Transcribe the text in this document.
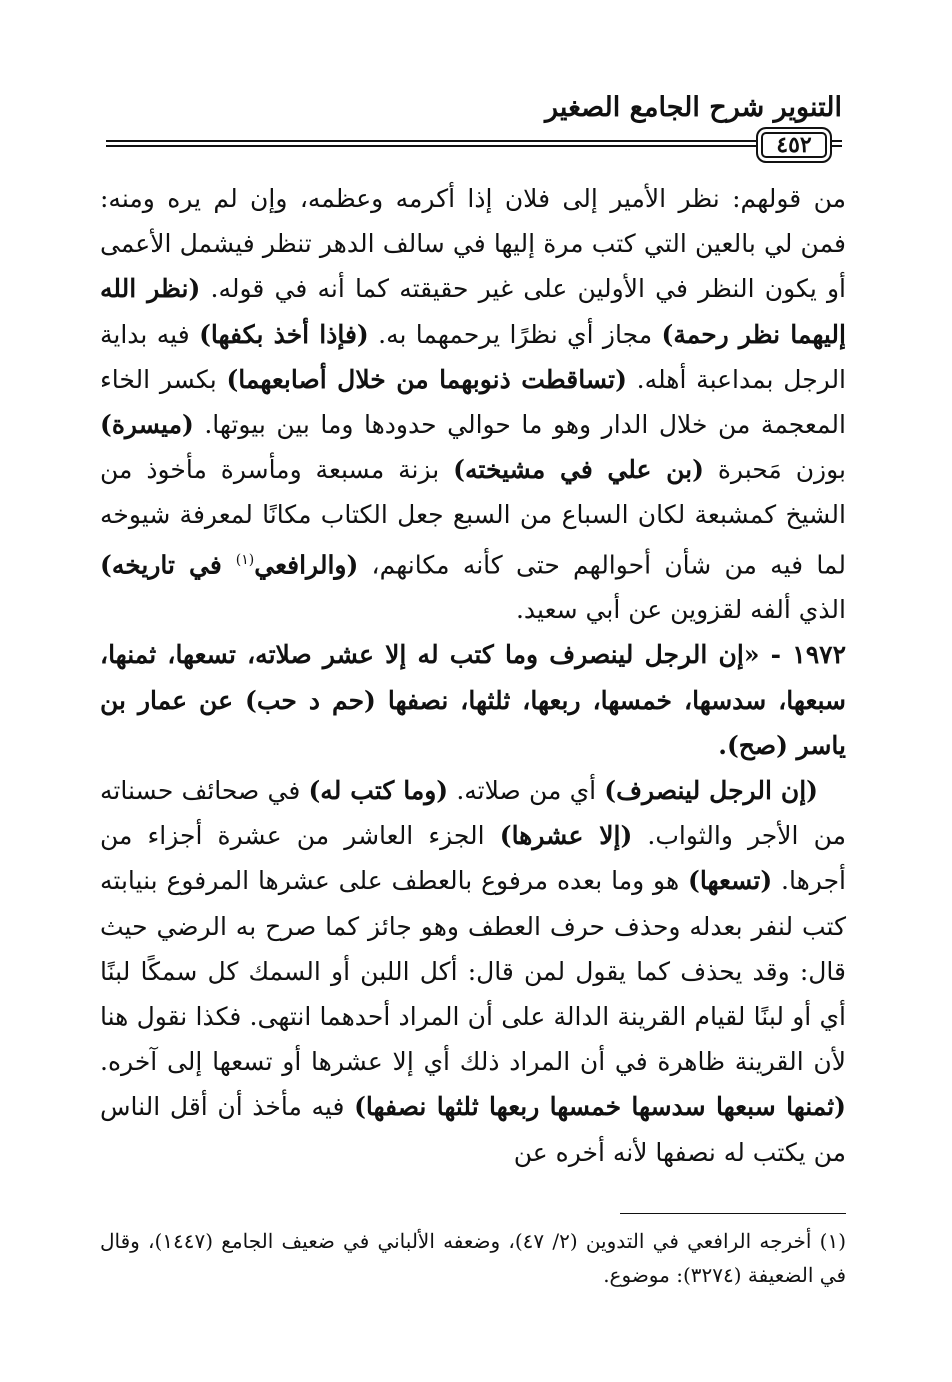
التنوير شرح الجامع الصغير
٤٥٢

من قولهم: نظر الأمير إلى فلان إذا أكرمه وعظمه، وإن لم يره ومنه: فمن لي بالعين التي كتب مرة إليها في سالف الدهر تنظر فيشمل الأعمى أو يكون النظر في الأولين على غير حقيقته كما أنه في قوله. (نظر الله إليهما نظر رحمة) مجاز أي نظرًا يرحمهما به. (فإذا أخذ بكفها) فيه بداية الرجل بمداعبة أهله. (تساقطت ذنوبهما من خلال أصابعهما) بكسر الخاء المعجمة من خلال الدار وهو ما حوالي حدودها وما بين بيوتها. (ميسرة) بوزن مَحبرة (بن علي في مشيخته) بزنة مسبعة ومأسرة مأخوذ من الشيخ كمشبعة لكان السباع من السبع جعل الكتاب مكانًا لمعرفة شيوخه لما فيه من شأن أحوالهم حتى كأنه مكانهم، (والرافعي$^{(١)}$ في تاريخه) الذي ألفه لقزوين عن أبي سعيد.

١٩٧٢ - «إن الرجل لينصرف وما كتب له إلا عشر صلاته، تسعها، ثمنها، سبعها، سدسها، خمسها، ربعها، ثلثها، نصفها (حم د حب) عن عمار بن ياسر (صح).

(إن الرجل لينصرف) أي من صلاته. (وما كتب له) في صحائف حسناته من الأجر والثواب. (إلا عشرها) الجزء العاشر من عشرة أجزاء من أجرها. (تسعها) هو وما بعده مرفوع بالعطف على عشرها المرفوع بنيابته كتب لنفر بعدله وحذف حرف العطف وهو جائز كما صرح به الرضي حيث قال: وقد يحذف كما يقول لمن قال: أكل اللبن أو السمك كل سمكًا لبنًا أي أو لبنًا لقيام القرينة الدالة على أن المراد أحدهما انتهى. فكذا نقول هنا لأن القرينة ظاهرة في أن المراد ذلك أي إلا عشرها أو تسعها إلى آخره. (ثمنها سبعها سدسها خمسها ربعها ثلثها نصفها) فيه مأخذ أن أقل الناس من يكتب له نصفها لأنه أخره عن

(١) أخرجه الرافعي في التدوين (٢/ ٤٧)، وضعفه الألباني في ضعيف الجامع (١٤٤٧)، وقال في الضعيفة (٣٢٧٤): موضوع.
